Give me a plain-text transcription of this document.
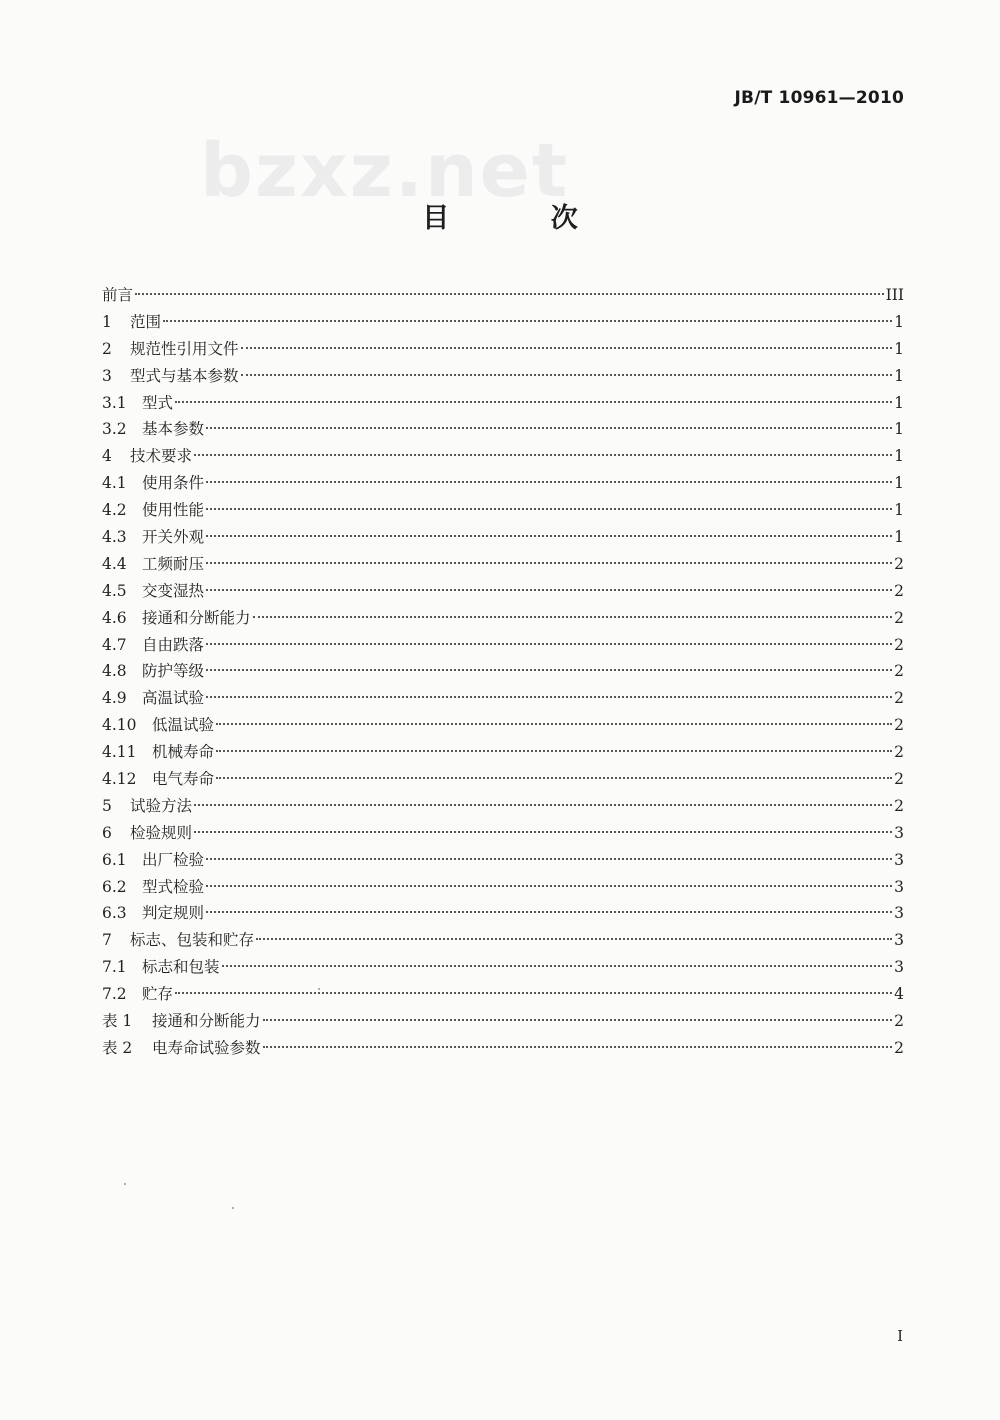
JB/T 10961—2010
bzxz.net
目 次
前言	III
1	范围	1
2	规范性引用文件	1
3	型式与基本参数	1
3.1 型式	1
3.2 基本参数	1
4	技术要求	1
4.1 使用条件	1
4.2 使用性能	1
4.3 开关外观	1
4.4 工频耐压	2
4.5 交变湿热	2
4.6 接通和分断能力	2
4.7 自由跌落	2
4.8 防护等级	2
4.9 高温试验	2
4.10 低温试验	2
4.11 机械寿命	2
4.12 电气寿命	2
5	试验方法	2
6	检验规则	3
6.1 出厂检验	3
6.2 型式检验	3
6.3 判定规则	3
7	标志、包装和贮存	3
7.1 标志和包装	3
7.2 贮存	4
表 1	接通和分断能力	2
表 2	电寿命试验参数	2
I
